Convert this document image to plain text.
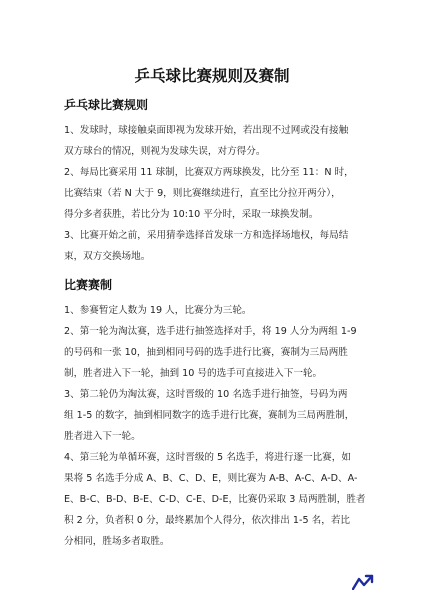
乒乓球比赛规则及赛制
乒乓球比赛规则
1、发球时，球接触桌面即视为发球开始，若出现不过网或没有接触
双方球台的情况，则视为发球失误，对方得分。
2、每局比赛采用 11 球制，比赛双方两球换发，比分至 11：N 时，
比赛结束（若 N 大于 9，则比赛继续进行，直至比分拉开两分），
得分多者获胜，若比分为 10:10 平分时，采取一球换发制。
3、比赛开始之前，采用猜拳选择首发球一方和选择场地权，每局结
束，双方交换场地。
比赛赛制
1、参赛暂定人数为 19 人，比赛分为三轮。
2、第一轮为淘汰赛，选手进行抽签选择对手，将 19 人分为两组 1-9
的号码和一张 10，抽到相同号码的选手进行比赛，赛制为三局两胜
制，胜者进入下一轮，抽到 10 号的选手可直接进入下一轮。
3、第二轮仍为淘汰赛，这时晋级的 10 名选手进行抽签，号码为两
组 1-5 的数字，抽到相同数字的选手进行比赛，赛制为三局两胜制，
胜者进入下一轮。
4、第三轮为单循环赛，这时晋级的 5 名选手，将进行逐一比赛，如
果将 5 名选手分成 A、B、C、D、E，则比赛为 A-B、A-C、A-D、A-
E、B-C、B-D、B-E、C-D、C-E、D-E，比赛仍采取 3 局两胜制，胜者
积 2 分，负者积 0 分，最终累加个人得分，依次排出 1-5 名，若比
分相同，胜场多者取胜。
